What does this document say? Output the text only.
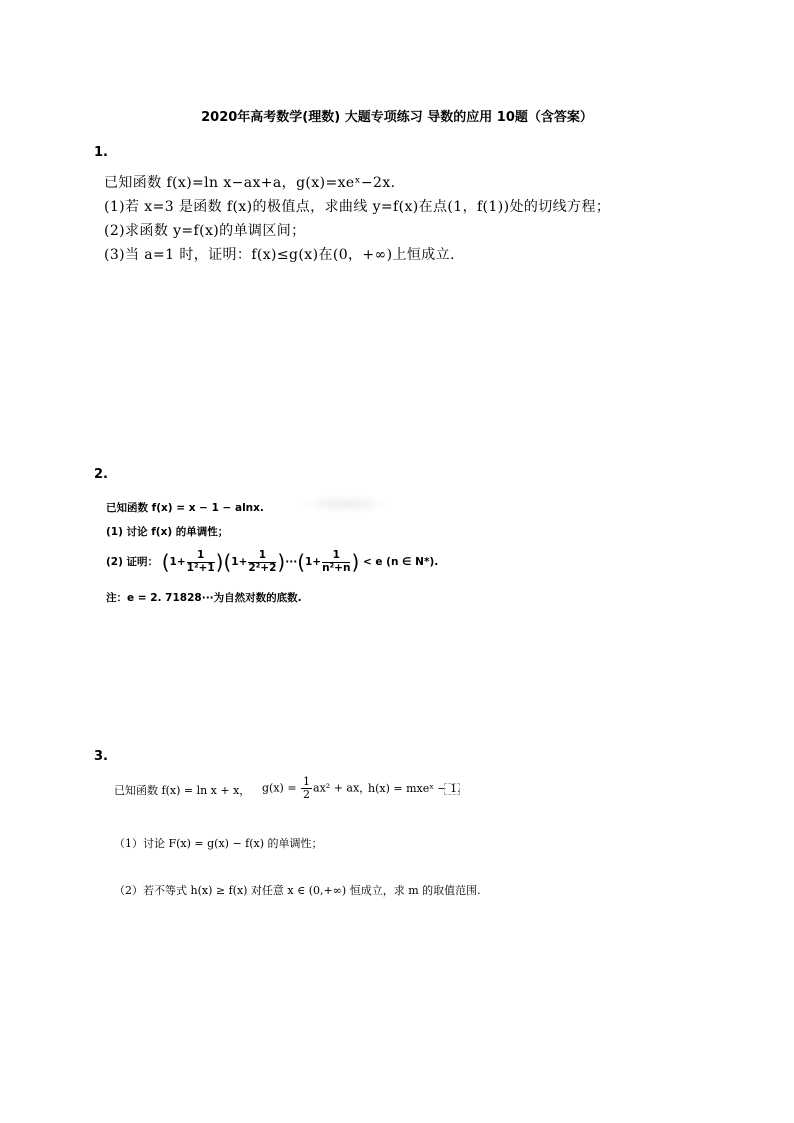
2020年高考数学(理数) 大题专项练习 导数的应用 10题（含答案）
1.
已知函数 f(x)=ln x−ax+a，g(x)=xeˣ−2x.
(1)若 x=3 是函数 f(x)的极值点，求曲线 y=f(x)在点(1，f(1))处的切线方程；
(2)求函数 y=f(x)的单调区间；
(3)当 a=1 时，证明：f(x)≤g(x)在(0，+∞)上恒成立.
2.
已知函数 f(x) = x − 1 − alnx.
(1) 讨论 f(x) 的单调性；
(2) 证明： $(1+ \frac{1}{\text{1²+1}} )(1+ \frac{1}{\text{2²+2}} )\cdot\cdot\cdot(1+ \frac{1}{\text{n²+n}}$ ) < e (n ∈ N*).
注：e = 2. 71828···为自然对数的底数.
3.
已知函数 f(x) = ln x + x， $g(x) = \frac{1}{2} ax^2$ + ax，
h(x) = mxeˣ − 1.
（1）讨论 F(x) = g(x) − f(x) 的单调性；
（2）若不等式 h(x) ≥ f(x) 对任意 x ∈ (0,+∞) 恒成立，求 m 的取值范围.
